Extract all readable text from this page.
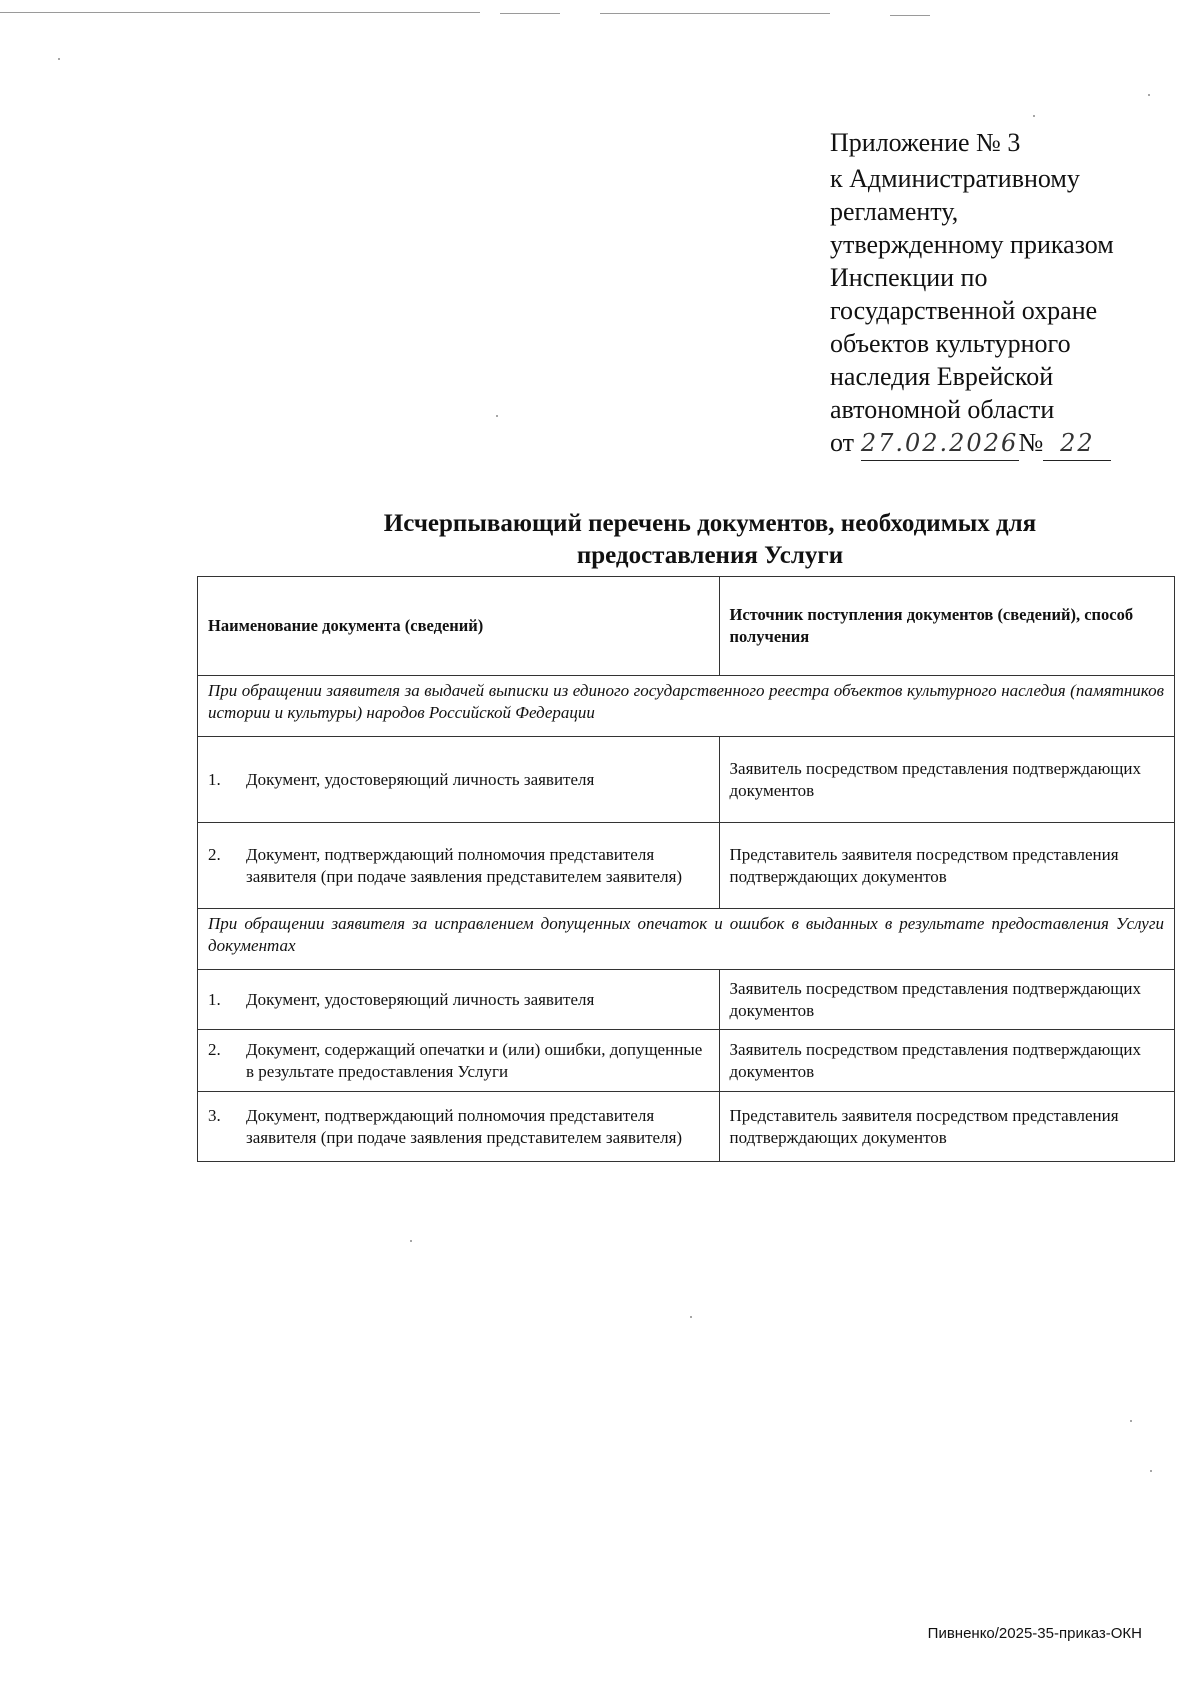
Приложение № 3
к Административному
регламенту,
утвержденному приказом
Инспекции по
государственной охране
объектов культурного
наследия Еврейской
автономной области
от 27.02.2026№ 22
Исчерпывающий перечень документов, необходимых для
предоставления Услуги
Наименование документа (сведений)	Источник поступления документов (сведений), способ получения
При обращении заявителя за выдачей выписки из единого государственного реестра объектов культурного наследия (памятников истории и культуры) народов Российской Федерации	

1. Документ, удостоверяющий личность заявителя	Заявитель посредством представления подтверждающих документов

2. Документ, подтверждающий полномочия представителя заявителя (при подаче заявления представителем заявителя)	Представитель заявителя посредством представления подтверждающих документов
При обращении заявителя за исправлением допущенных опечаток и ошибок в выданных в результате предоставления Услуги документах	

1. Документ, удостоверяющий личность заявителя	Заявитель посредством представления подтверждающих документов

2. Документ, содержащий опечатки и (или) ошибки, допущенные в результате предоставления Услуги	Заявитель посредством представления подтверждающих документов

3. Документ, подтверждающий полномочия представителя заявителя (при подаче заявления представителем заявителя)	Представитель заявителя посредством представления подтверждающих документов
Пивненко/2025-35-приказ-ОКН
